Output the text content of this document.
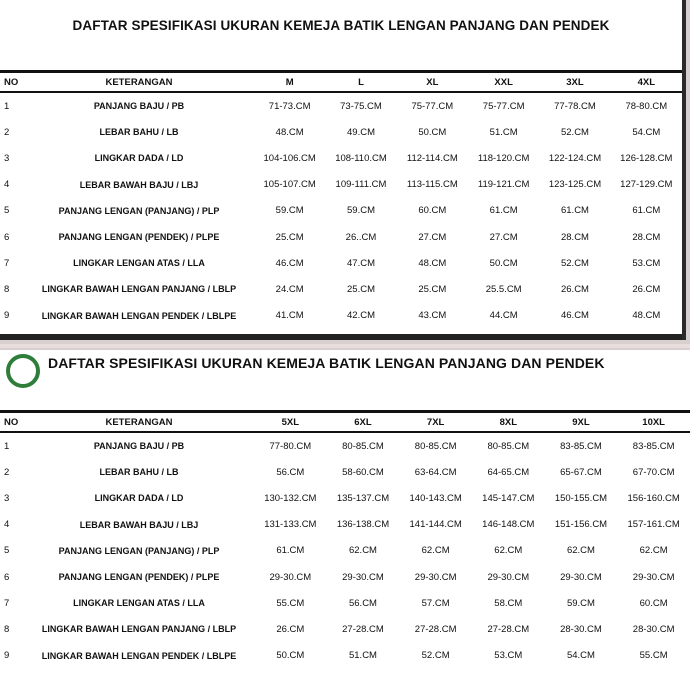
DAFTAR SPESIFIKASI UKURAN KEMEJA BATIK LENGAN PANJANG DAN PENDEK
NO	KETERANGAN	M	L	XL	XXL	3XL	4XL
1	PANJANG BAJU / PB	71-73.CM	73-75.CM	75-77.CM	75-77.CM	77-78.CM	78-80.CM
2	LEBAR BAHU / LB	48.CM	49.CM	50.CM	51.CM	52.CM	54.CM
3	LINGKAR DADA / LD	104-106.CM	108-110.CM	112-114.CM	118-120.CM	122-124.CM	126-128.CM
4	LEBAR BAWAH BAJU / LBJ	105-107.CM	109-111.CM	113-115.CM	119-121.CM	123-125.CM	127-129.CM
5	PANJANG LENGAN (PANJANG) / PLP	59.CM	59.CM	60.CM	61.CM	61.CM	61.CM
6	PANJANG LENGAN (PENDEK) / PLPE	25.CM	26..CM	27.CM	27.CM	28.CM	28.CM
7	LINGKAR LENGAN ATAS / LLA	46.CM	47.CM	48.CM	50.CM	52.CM	53.CM
8	LINGKAR BAWAH LENGAN PANJANG / LBLP	24.CM	25.CM	25.CM	25.5.CM	26.CM	26.CM
9	LINGKAR BAWAH LENGAN PENDEK / LBLPE	41.CM	42.CM	43.CM	44.CM	46.CM	48.CM
DAFTAR SPESIFIKASI UKURAN KEMEJA BATIK LENGAN PANJANG DAN PENDEK
NO	KETERANGAN	5XL	6XL	7XL	8XL	9XL	10XL
1	PANJANG BAJU / PB	77-80.CM	80-85.CM	80-85.CM	80-85.CM	83-85.CM	83-85.CM
2	LEBAR BAHU / LB	56.CM	58-60.CM	63-64.CM	64-65.CM	65-67.CM	67-70.CM
3	LINGKAR DADA / LD	130-132.CM	135-137.CM	140-143.CM	145-147.CM	150-155.CM	156-160.CM
4	LEBAR BAWAH BAJU / LBJ	131-133.CM	136-138.CM	141-144.CM	146-148.CM	151-156.CM	157-161.CM
5	PANJANG LENGAN (PANJANG) / PLP	61.CM	62.CM	62.CM	62.CM	62.CM	62.CM
6	PANJANG LENGAN (PENDEK) / PLPE	29-30.CM	29-30.CM	29-30.CM	29-30.CM	29-30.CM	29-30.CM
7	LINGKAR LENGAN ATAS / LLA	55.CM	56.CM	57.CM	58.CM	59.CM	60.CM
8	LINGKAR BAWAH LENGAN PANJANG / LBLP	26.CM	27-28.CM	27-28.CM	27-28.CM	28-30.CM	28-30.CM
9	LINGKAR BAWAH LENGAN PENDEK / LBLPE	50.CM	51.CM	52.CM	53.CM	54.CM	55.CM
